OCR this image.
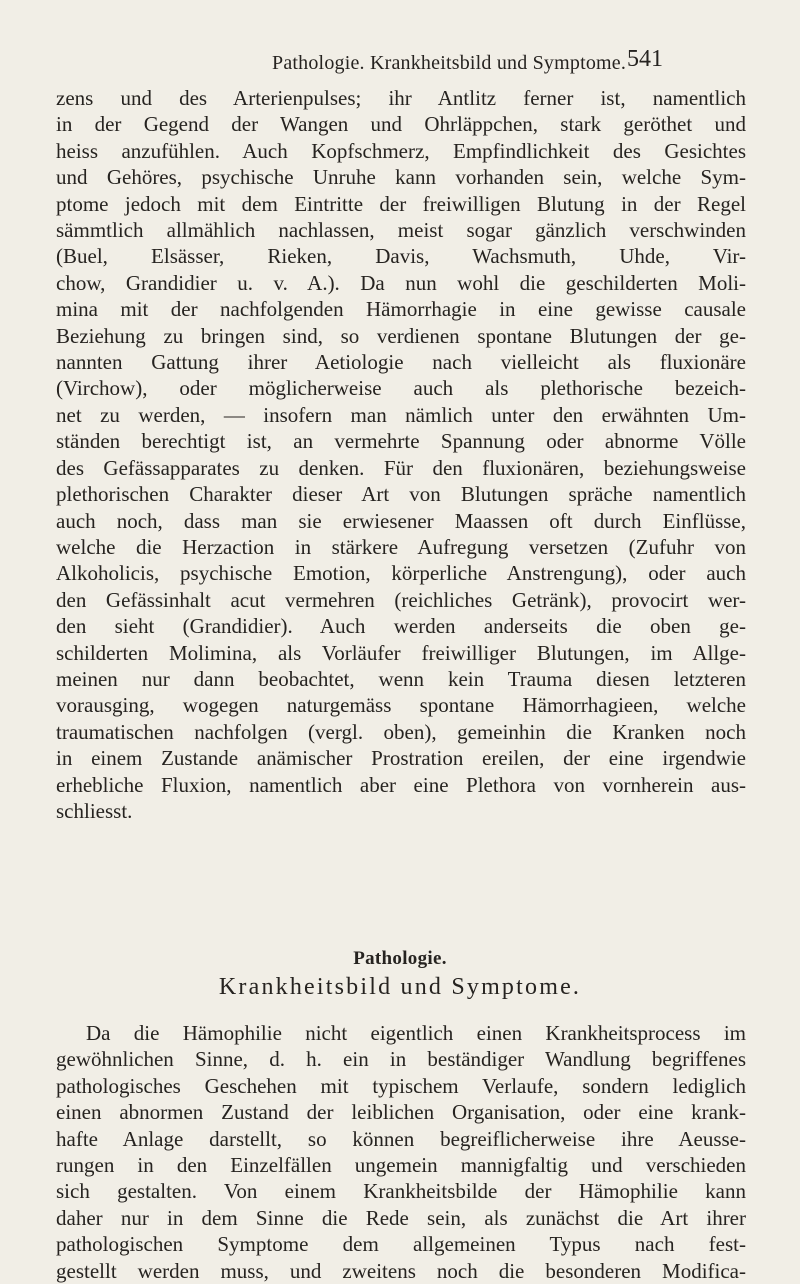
Pathologie. Krankheitsbild und Symptome. 541
zens und des Arterienpulses; ihr Antlitz ferner ist, namentlich
in der Gegend der Wangen und Ohrläppchen, stark geröthet und
heiss anzufühlen. Auch Kopfschmerz, Empfindlichkeit des Gesichtes
und Gehöres, psychische Unruhe kann vorhanden sein, welche Sym-
ptome jedoch mit dem Eintritte der freiwilligen Blutung in der Regel
sämmtlich allmählich nachlassen, meist sogar gänzlich verschwinden
(Buel, Elsässer, Rieken, Davis, Wachsmuth, Uhde, Vir-
chow, Grandidier u. v. A.). Da nun wohl die geschilderten Moli-
mina mit der nachfolgenden Hämorrhagie in eine gewisse causale
Beziehung zu bringen sind, so verdienen spontane Blutungen der ge-
nannten Gattung ihrer Aetiologie nach vielleicht als fluxionäre
(Virchow), oder möglicherweise auch als plethorische bezeich-
net zu werden, — insofern man nämlich unter den erwähnten Um-
ständen berechtigt ist, an vermehrte Spannung oder abnorme Völle
des Gefässapparates zu denken. Für den fluxionären, beziehungsweise
plethorischen Charakter dieser Art von Blutungen spräche namentlich
auch noch, dass man sie erwiesener Maassen oft durch Einflüsse,
welche die Herzaction in stärkere Aufregung versetzen (Zufuhr von
Alkoholicis, psychische Emotion, körperliche Anstrengung), oder auch
den Gefässinhalt acut vermehren (reichliches Getränk), provocirt wer-
den sieht (Grandidier). Auch werden anderseits die oben ge-
schilderten Molimina, als Vorläufer freiwilliger Blutungen, im Allge-
meinen nur dann beobachtet, wenn kein Trauma diesen letzteren
vorausging, wogegen naturgemäss spontane Hämorrhagieen, welche
traumatischen nachfolgen (vergl. oben), gemeinhin die Kranken noch
in einem Zustande anämischer Prostration ereilen, der eine irgendwie
erhebliche Fluxion, namentlich aber eine Plethora von vornherein aus-
schliesst.
Pathologie.
Krankheitsbild und Symptome.
Da die Hämophilie nicht eigentlich einen Krankheitsprocess im
gewöhnlichen Sinne, d. h. ein in beständiger Wandlung begriffenes
pathologisches Geschehen mit typischem Verlaufe, sondern lediglich
einen abnormen Zustand der leiblichen Organisation, oder eine krank-
hafte Anlage darstellt, so können begreiflicherweise ihre Aeusse-
rungen in den Einzelfällen ungemein mannigfaltig und verschieden
sich gestalten. Von einem Krankheitsbilde der Hämophilie kann
daher nur in dem Sinne die Rede sein, als zunächst die Art ihrer
pathologischen Symptome dem allgemeinen Typus nach fest-
gestellt werden muss, und zweitens noch die besonderen Modifica-
